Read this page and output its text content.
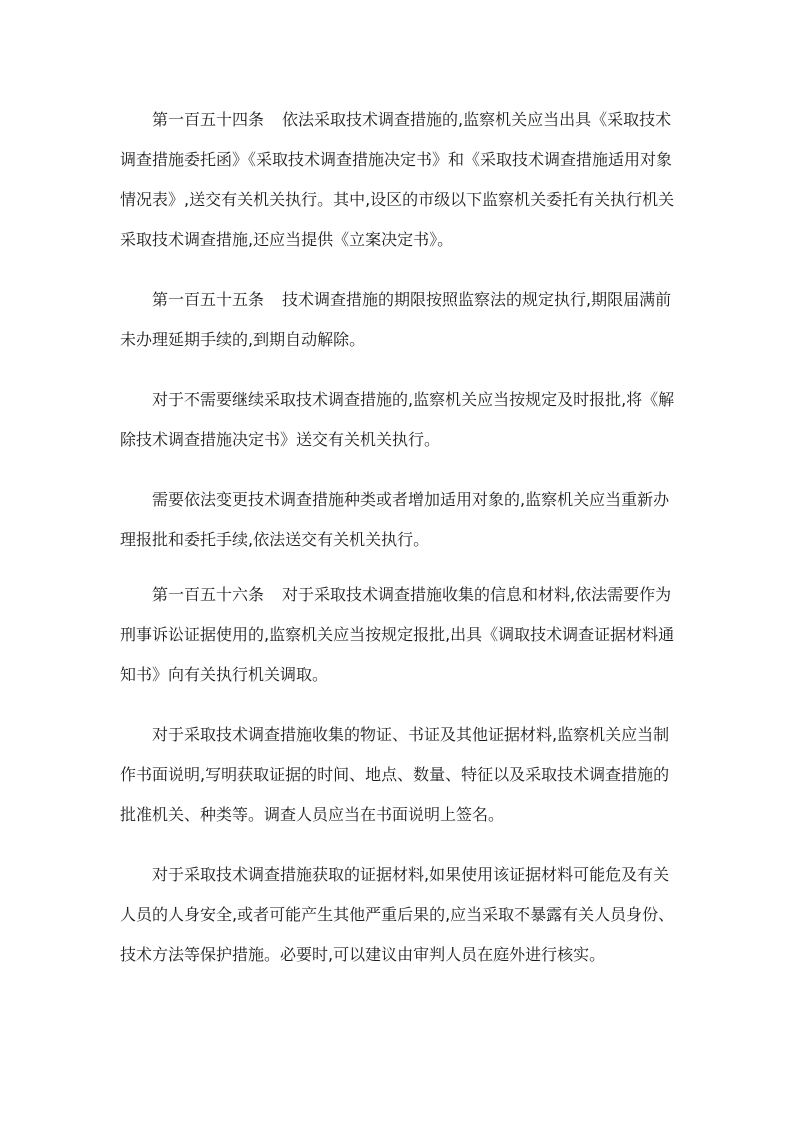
第一百五十四条 依法采取技术调查措施的,监察机关应当出具《采取技术
调查措施委托函》《采取技术调查措施决定书》和《采取技术调查措施适用对象
情况表》,送交有关机关执行。其中,设区的市级以下监察机关委托有关执行机关
采取技术调查措施,还应当提供《立案决定书》。
第一百五十五条 技术调查措施的期限按照监察法的规定执行,期限届满前
未办理延期手续的,到期自动解除。
对于不需要继续采取技术调查措施的,监察机关应当按规定及时报批,将《解
除技术调查措施决定书》送交有关机关执行。
需要依法变更技术调查措施种类或者增加适用对象的,监察机关应当重新办
理报批和委托手续,依法送交有关机关执行。
第一百五十六条 对于采取技术调查措施收集的信息和材料,依法需要作为
刑事诉讼证据使用的,监察机关应当按规定报批,出具《调取技术调查证据材料通
知书》向有关执行机关调取。
对于采取技术调查措施收集的物证、书证及其他证据材料,监察机关应当制
作书面说明,写明获取证据的时间、地点、数量、特征以及采取技术调查措施的
批准机关、种类等。调查人员应当在书面说明上签名。
对于采取技术调查措施获取的证据材料,如果使用该证据材料可能危及有关
人员的人身安全,或者可能产生其他严重后果的,应当采取不暴露有关人员身份、
技术方法等保护措施。必要时,可以建议由审判人员在庭外进行核实。
